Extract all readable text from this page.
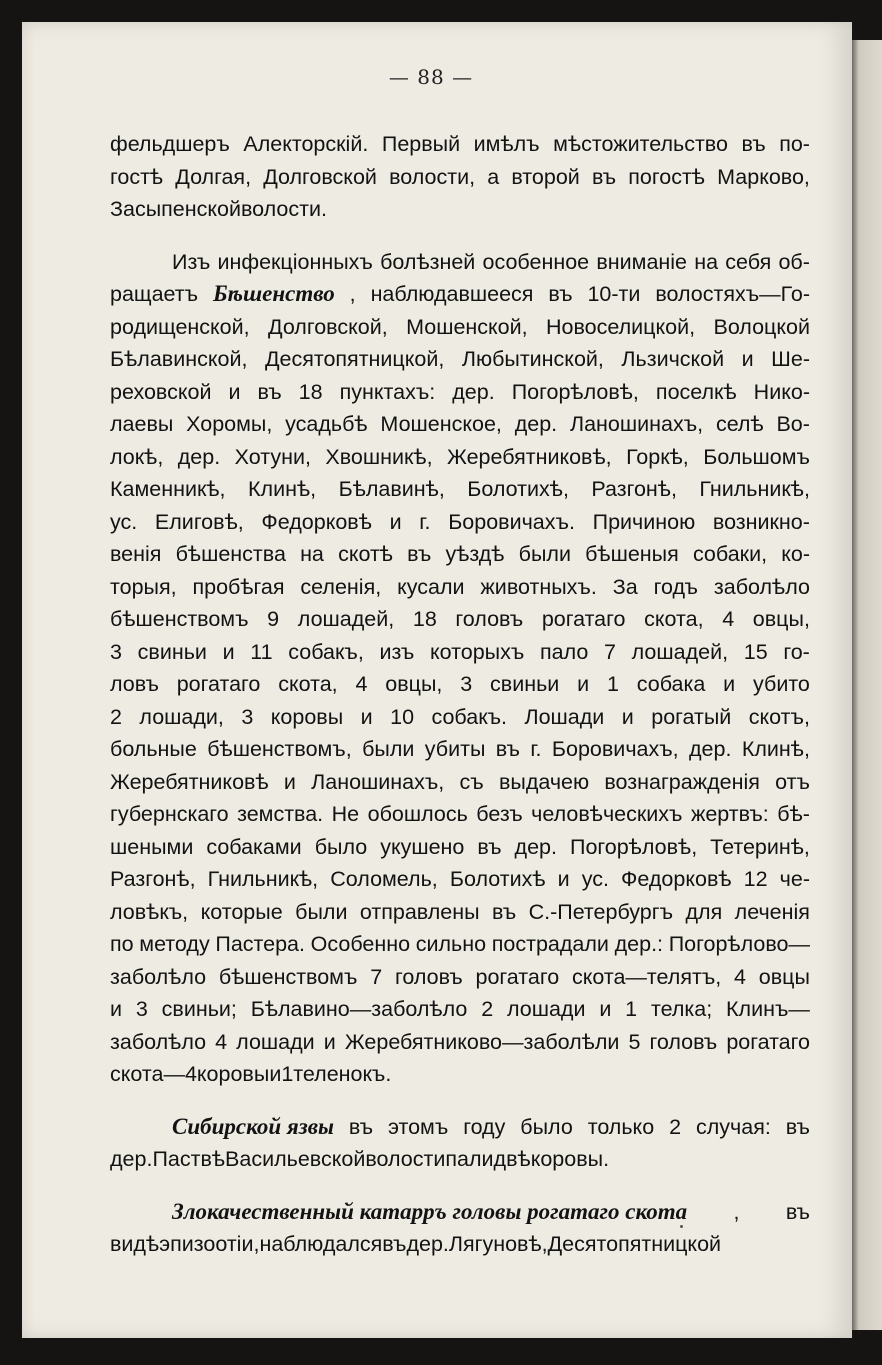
— 88 —
фельдшеръ Алекторскiй. Первый имѣлъ мѣстожительство въ по-
гостѣ Долгая, Долговской волости, а второй въ погостѣ Марково,
Засыпенской волости.
Изъ инфекцiонныхъ болѣзней особенное вниманiе на себя об-
ращаетъ Бѣшенство , наблюдавшееся въ 10-ти волостяхъ—Го-
родищенской, Долговской, Мошенской, Новоселицкой, Волоцкой
Бѣлавинской, Десятопятницкой, Любытинской, Льзичской и Ше-
реховской и въ 18 пунктахъ: дер. Погорѣловѣ, поселкѣ Нико-
лаевы Хоромы, усадьбѣ Мошенское, дер. Ланошинахъ, селѣ Во-
локѣ, дер. Хотуни, Хвошникѣ, Жеребятниковѣ, Горкѣ, Большомъ
Каменникѣ, Клинѣ, Бѣлавинѣ, Болотихѣ, Разгонѣ, Гнильникѣ,
ус. Елиговѣ, Федорковѣ и г. Боровичахъ. Причиною возникно-
венiя бѣшенства на скотѣ въ уѣздѣ были бѣшеныя собаки, ко-
торыя, пробѣгая селенiя, кусали животныхъ. За годъ заболѣло
бѣшенствомъ 9 лошадей, 18 головъ рогатаго скота, 4 овцы,
3 свиньи и 11 собакъ, изъ которыхъ пало 7 лошадей, 15 го-
ловъ рогатаго скота, 4 овцы, 3 свиньи и 1 собака и убито
2 лошади, 3 коровы и 10 собакъ. Лошади и рогатый скотъ,
больные бѣшенствомъ, были убиты въ г. Боровичахъ, дер. Клинѣ,
Жеребятниковѣ и Ланошинахъ, съ выдачею вознагражденiя отъ
губернскаго земства. Не обошлось безъ человѣческихъ жертвъ: бѣ-
шеными собаками было укушено въ дер. Погорѣловѣ, Тетеринѣ,
Разгонѣ, Гнильникѣ, Соломель, Болотихѣ и ус. Федорковѣ 12 че-
ловѣкъ, которые были отправлены въ С.-Петербургъ для леченiя
по методу Пастера. Особенно сильно пострадали дер.: Погорѣлово—
заболѣло бѣшенствомъ 7 головъ рогатаго скота—телятъ, 4 овцы
и 3 свиньи; Бѣлавино—заболѣло 2 лошади и 1 телка; Клинъ—
заболѣло 4 лошади и Жеребятниково—заболѣли 5 головъ рогатаго
скота—4 коровы и 1 теленокъ.
Сибирской язвы въ этомъ году было только 2 случая: въ
дер. Паствѣ Васильевской волости пали двѣ коровы.
Злокачественный катарръ головы рогатаго скота , въ
видѣ эпизоотiи, наблюдался въ дер. Лягуновѣ, Десятопятницкой
